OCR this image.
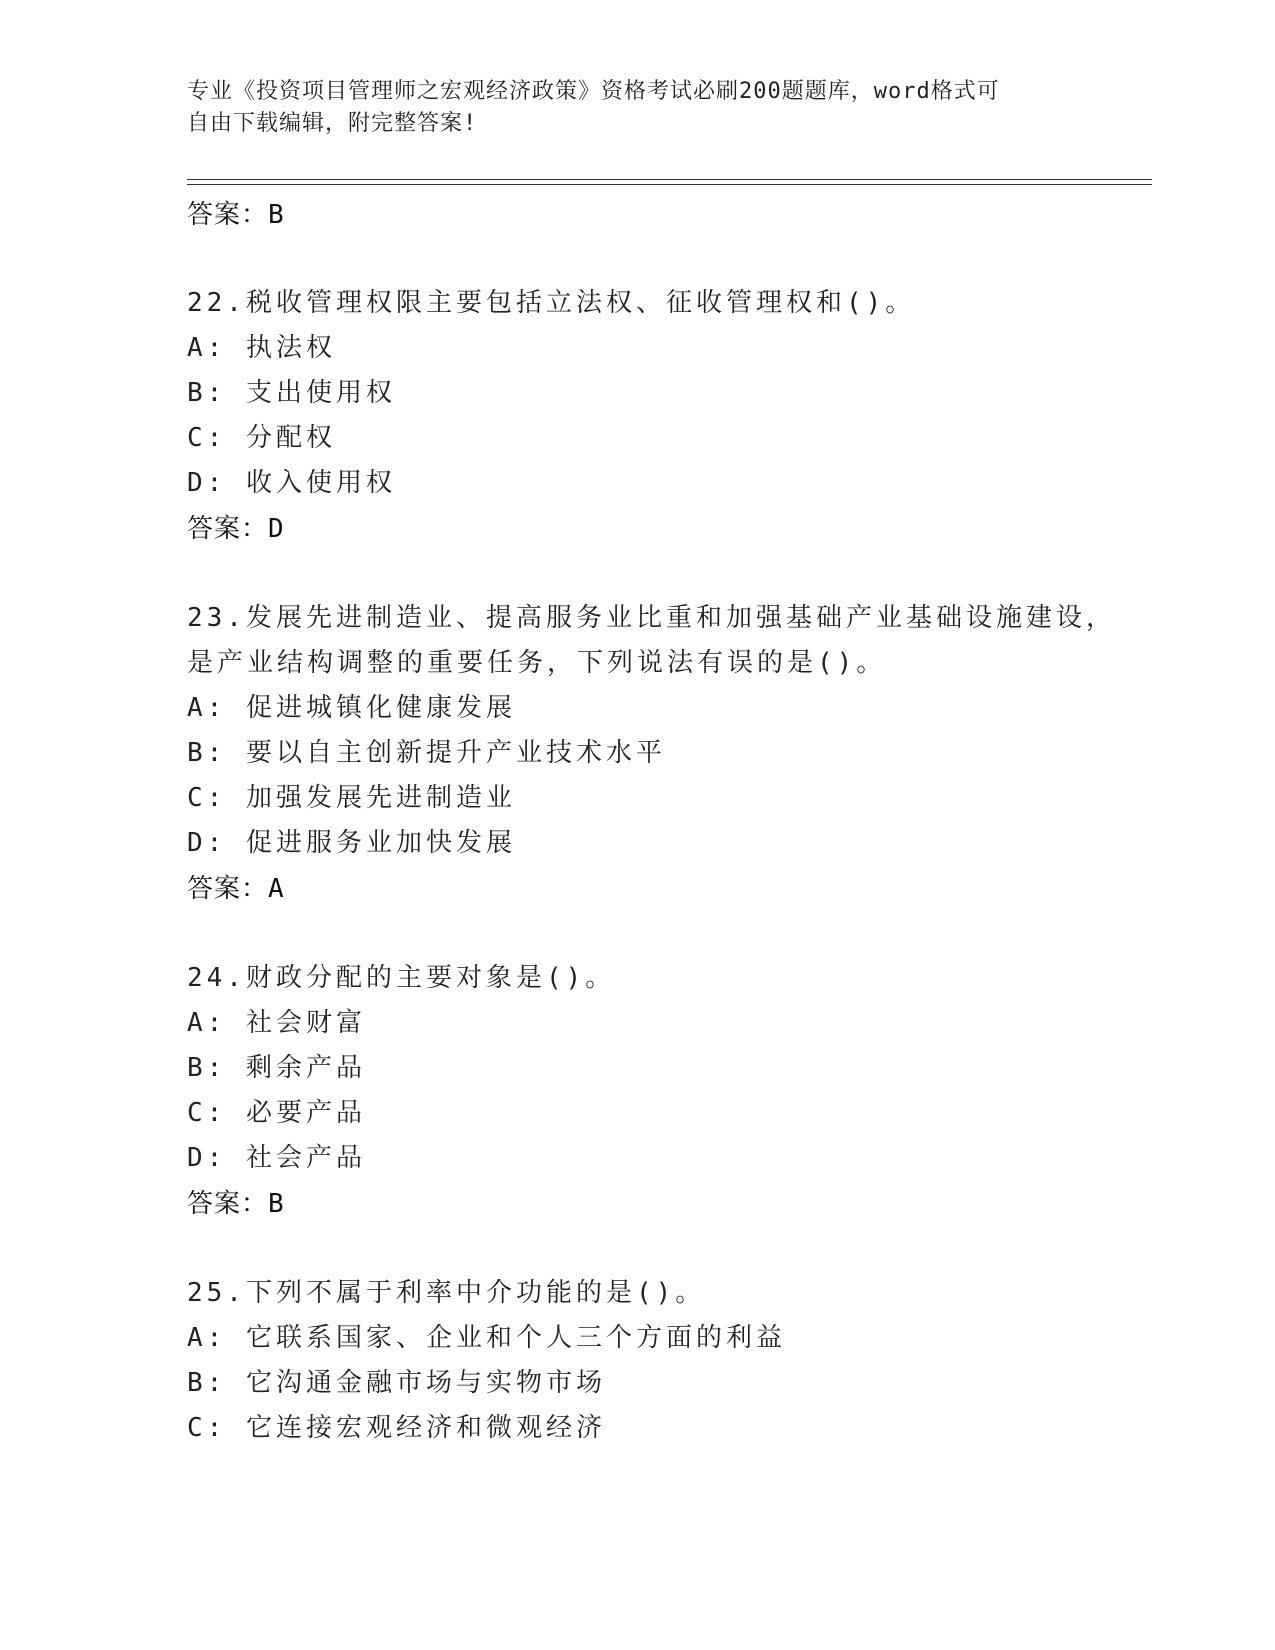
专业《投资项目管理师之宏观经济政策》资格考试必刷200题题库，word格式可
自由下载编辑，附完整答案!
答案：B
22.税收管理权限主要包括立法权、征收管理权和()。
A: 执法权
B: 支出使用权
C: 分配权
D: 收入使用权
答案：D
23.发展先进制造业、提高服务业比重和加强基础产业基础设施建设，
是产业结构调整的重要任务，下列说法有误的是()。
A: 促进城镇化健康发展
B: 要以自主创新提升产业技术水平
C: 加强发展先进制造业
D: 促进服务业加快发展
答案：A
24.财政分配的主要对象是()。
A: 社会财富
B: 剩余产品
C: 必要产品
D: 社会产品
答案：B
25.下列不属于利率中介功能的是()。
A: 它联系国家、企业和个人三个方面的利益
B: 它沟通金融市场与实物市场
C: 它连接宏观经济和微观经济
